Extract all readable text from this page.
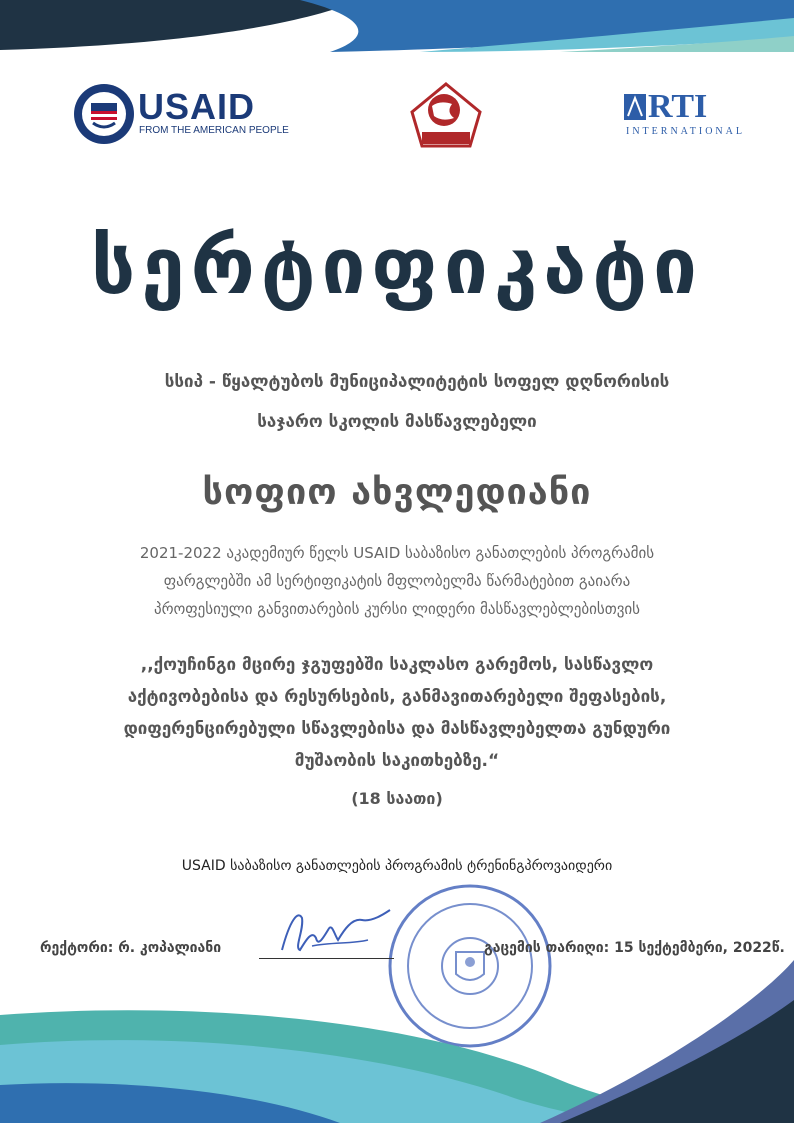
USAID
FROM THE AMERICAN PEOPLE
RTI
INTERNATIONAL
სერტიფიკატი
სსიპ - წყალტუბოს მუნიციპალიტეტის სოფელ დღნორისის
საჯარო სკოლის მასწავლებელი
სოფიო ახვლედიანი
2021-2022 აკადემიურ წელს USAID საბაზისო განათლების პროგრამის
ფარგლებში ამ სერტიფიკატის მფლობელმა წარმატებით გაიარა
პროფესიული განვითარების კურსი ლიდერი მასწავლებლებისთვის
,,ქოუჩინგი მცირე ჯგუფებში საკლასო გარემოს, სასწავლო
აქტივობებისა და რესურსების, განმავითარებელი შეფასების,
დიფერენცირებული სწავლებისა და მასწავლებელთა გუნდური
მუშაობის საკითხებზე.“
(18 საათი)
USAID საბაზისო განათლების პროგრამის ტრენინგპროვაიდერი
რექტორი: რ. კოპალიანი	გაცემის თარიღი: 15 სექტემბერი, 2022წ.
